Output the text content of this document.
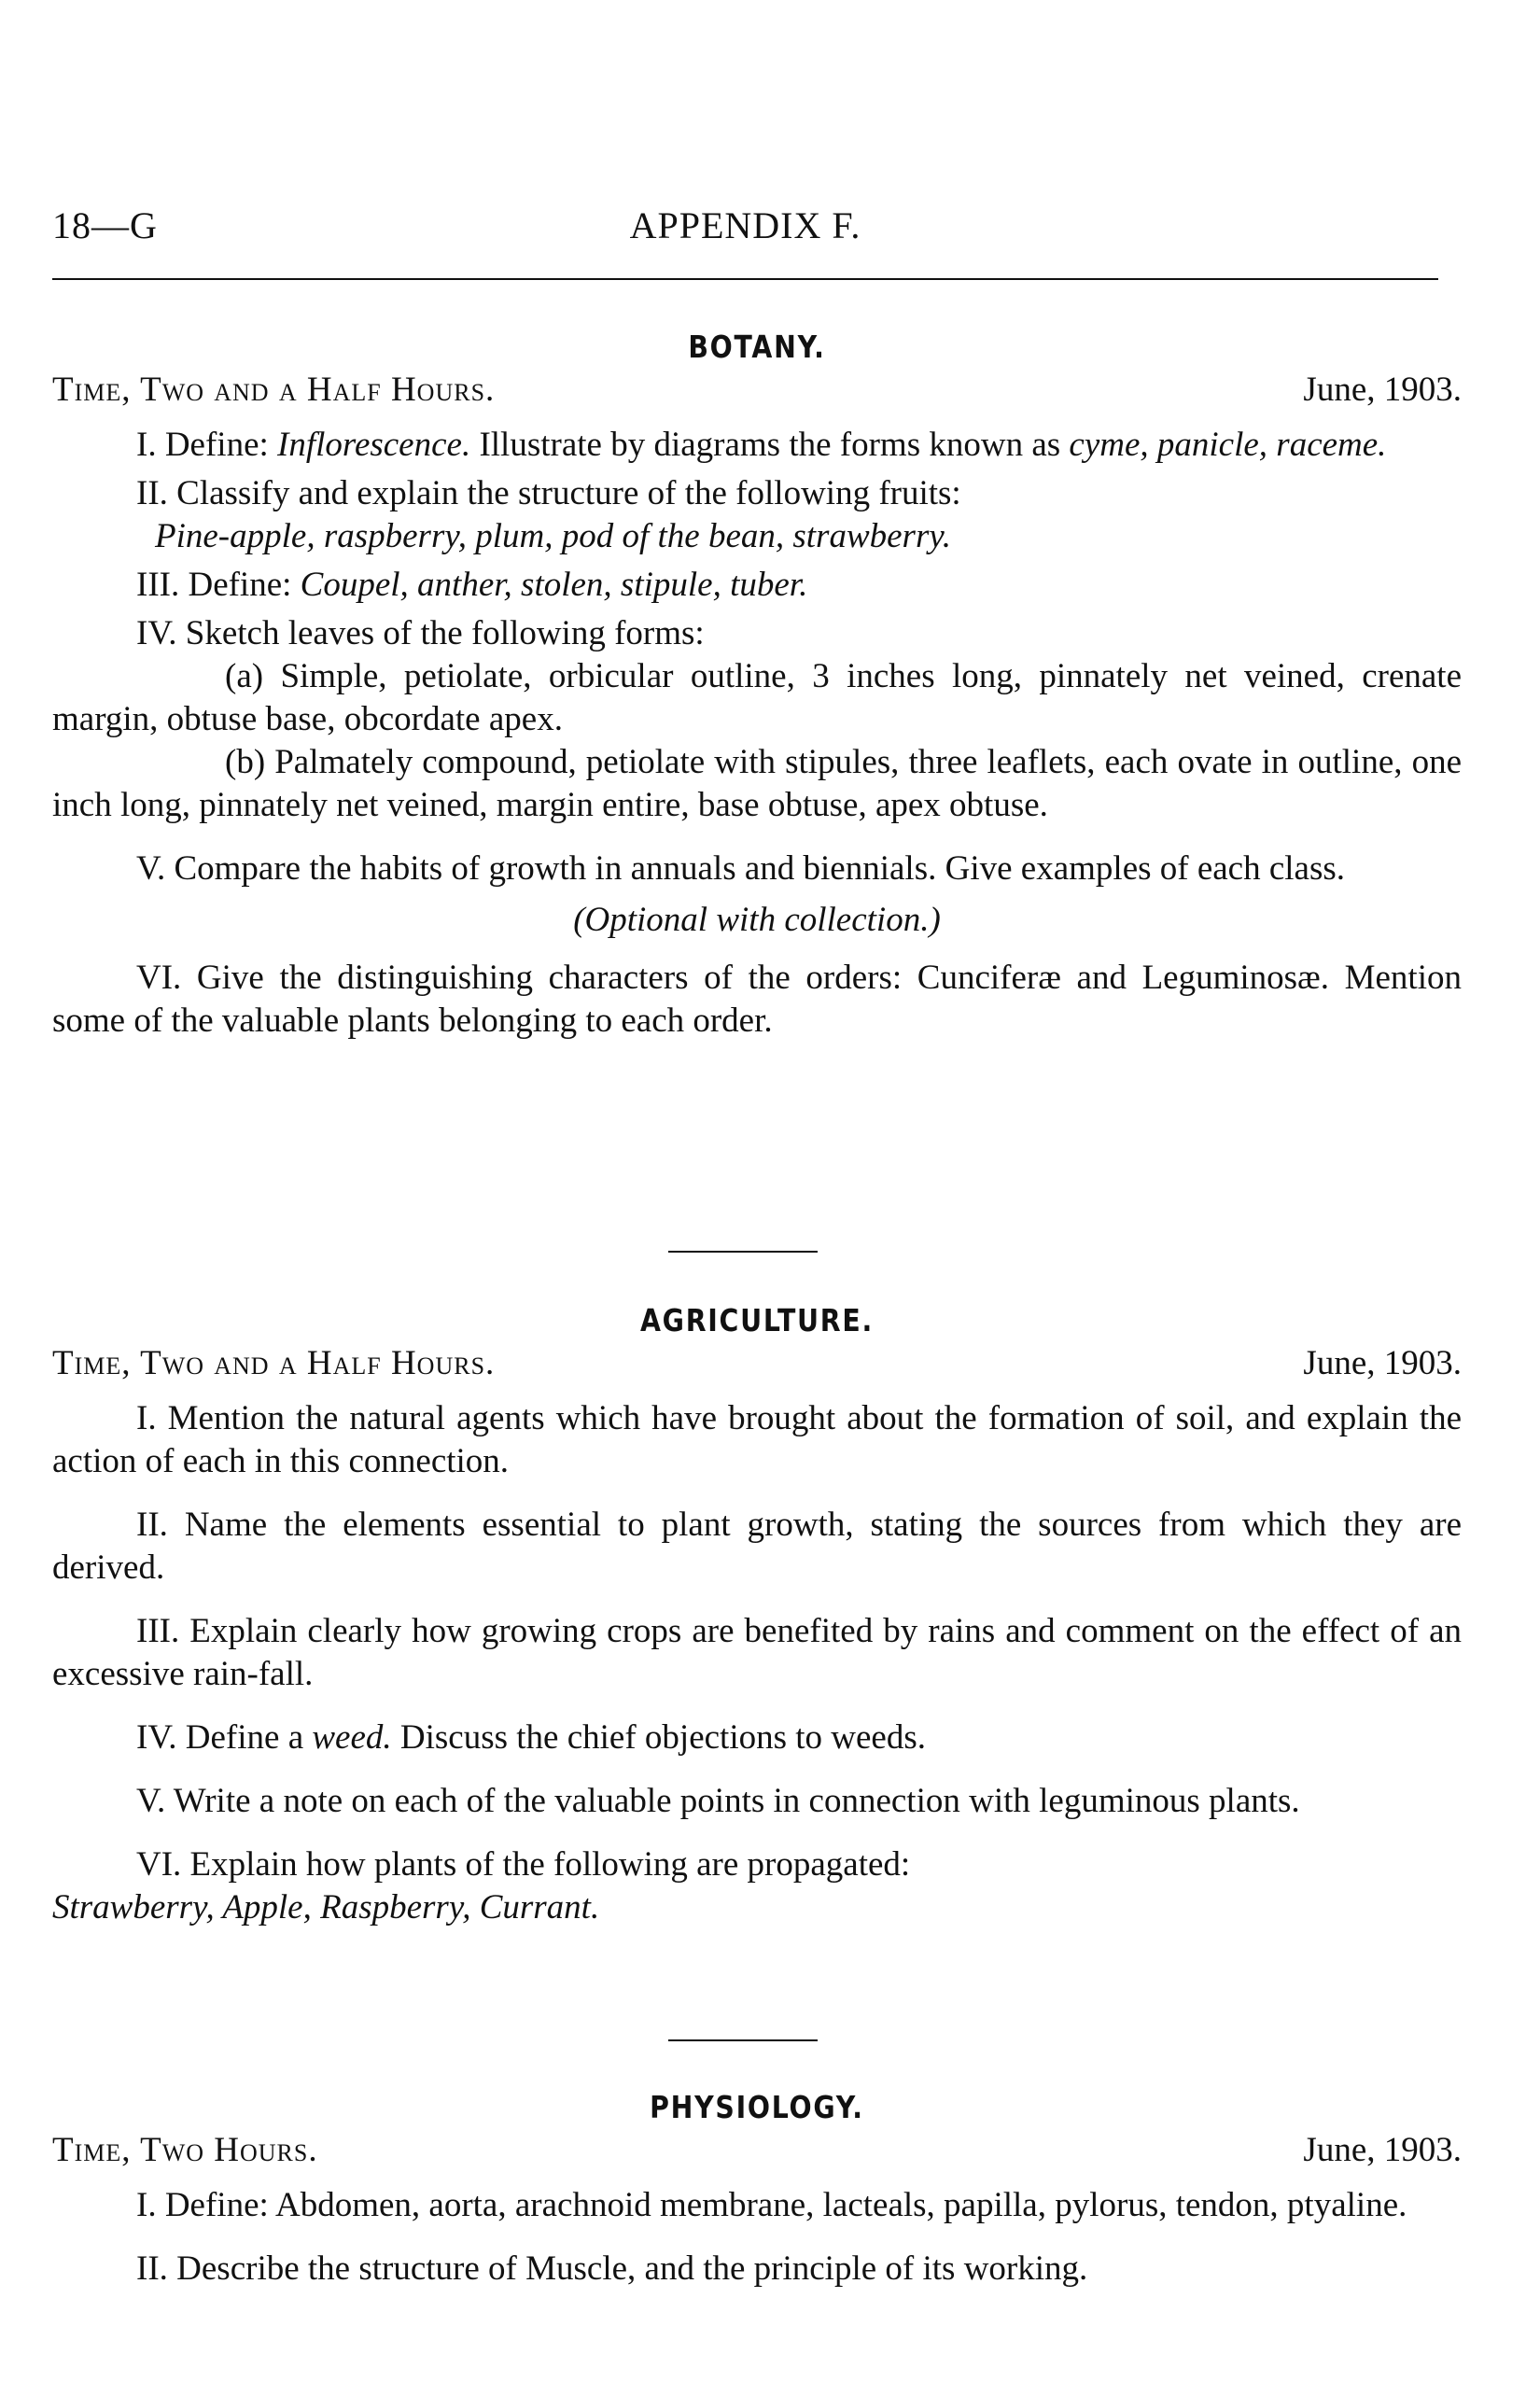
18—G	APPENDIX F.
BOTANY.
Time, Two and a Half Hours.	June, 1903.

I. Define: Inflorescence. Illustrate by diagrams the forms known as cyme, panicle, raceme.

II. Classify and explain the structure of the following fruits:

Pine-apple, raspberry, plum, pod of the bean, strawberry.

III. Define: Coupel, anther, stolen, stipule, tuber.

IV. Sketch leaves of the following forms:

(a) Simple, petiolate, orbicular outline, 3 inches long, pinnately net veined, crenate margin, obtuse base, obcordate apex.

(b) Palmately compound, petiolate with stipules, three leaflets, each ovate in outline, one inch long, pinnately net veined, margin entire, base obtuse, apex obtuse.

V. Compare the habits of growth in annuals and biennials. Give examples of each class.

(Optional with collection.)

VI. Give the distinguishing characters of the orders: Cunciferæ and Leguminosæ. Mention some of the valuable plants belonging to each order.

AGRICULTURE.
Time, Two and a Half Hours.	June, 1903.

I. Mention the natural agents which have brought about the formation of soil, and explain the action of each in this connection.

II. Name the elements essential to plant growth, stating the sources from which they are derived.

III. Explain clearly how growing crops are benefited by rains and comment on the effect of an excessive rain-fall.

IV. Define a weed. Discuss the chief objections to weeds.

V. Write a note on each of the valuable points in connection with leguminous plants.

VI. Explain how plants of the following are propagated:

Strawberry, Apple, Raspberry, Currant.

PHYSIOLOGY.
Time, Two Hours.	June, 1903.

I. Define: Abdomen, aorta, arachnoid membrane, lacteals, papilla, pylorus, tendon, ptyaline.

II. Describe the structure of Muscle, and the principle of its working.
